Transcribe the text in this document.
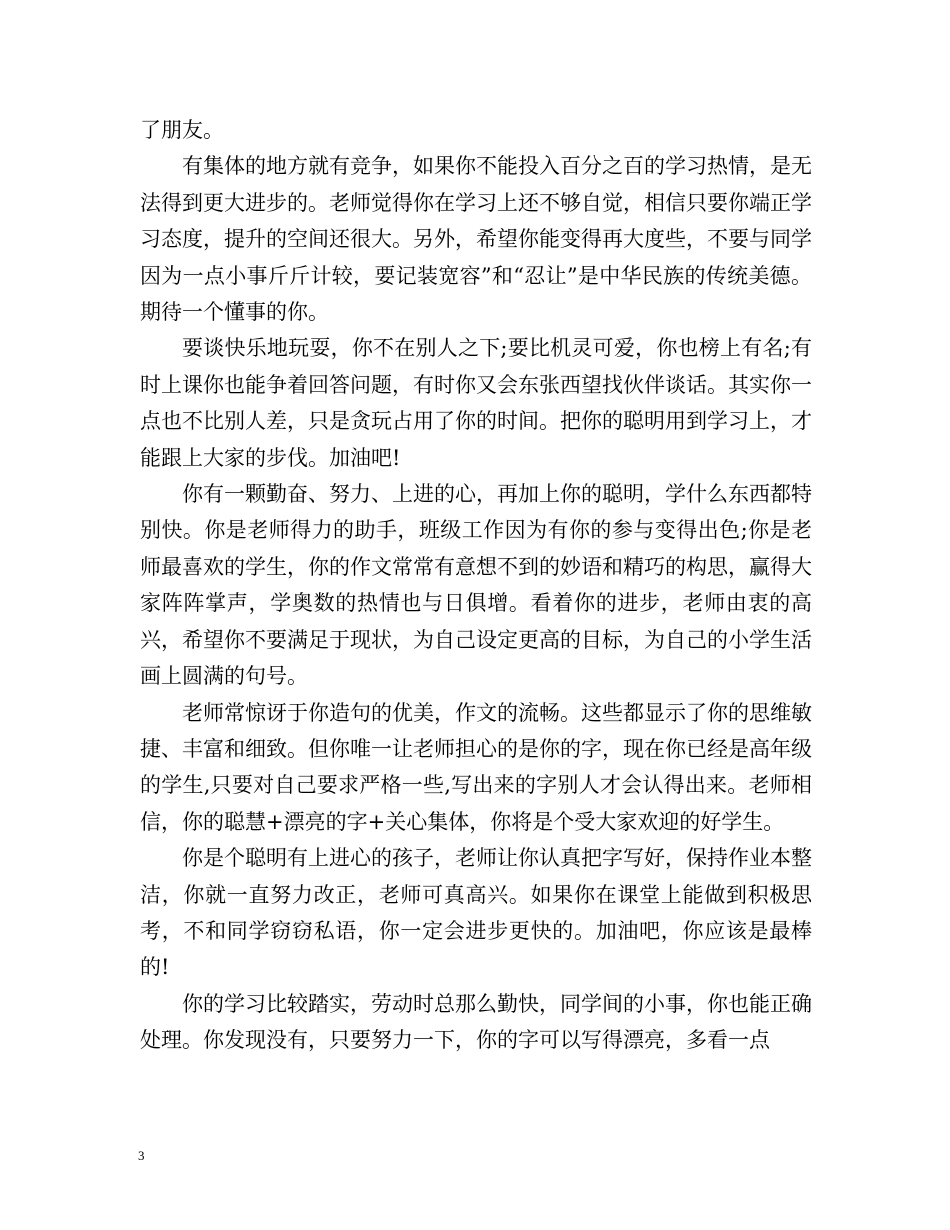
了朋友。

有集体的地方就有竞争，如果你不能投入百分之百的学习热情，是无法得到更大进步的。老师觉得你在学习上还不够自觉，相信只要你端正学习态度，提升的空间还很大。另外，希望你能变得再大度些，不要与同学因为一点小事斤斤计较，要记装宽容”和“忍让”是中华民族的传统美德。期待一个懂事的你。

要谈快乐地玩耍，你不在别人之下;要比机灵可爱，你也榜上有名;有时上课你也能争着回答问题，有时你又会东张西望找伙伴谈话。其实你一点也不比别人差，只是贪玩占用了你的时间。把你的聪明用到学习上，才能跟上大家的步伐。加油吧!

你有一颗勤奋、努力、上进的心，再加上你的聪明，学什么东西都特别快。你是老师得力的助手，班级工作因为有你的参与变得出色;你是老师最喜欢的学生，你的作文常常有意想不到的妙语和精巧的构思，赢得大家阵阵掌声，学奥数的热情也与日俱增。看着你的进步，老师由衷的高兴，希望你不要满足于现状，为自己设定更高的目标，为自己的小学生活画上圆满的句号。

老师常惊讶于你造句的优美，作文的流畅。这些都显示了你的思维敏捷、丰富和细致。但你唯一让老师担心的是你的字，现在你已经是高年级的学生,只要对自己要求严格一些,写出来的字别人才会认得出来。老师相信，你的聪慧+漂亮的字+关心集体，你将是个受大家欢迎的好学生。

你是个聪明有上进心的孩子，老师让你认真把字写好，保持作业本整洁，你就一直努力改正，老师可真高兴。如果你在课堂上能做到积极思考，不和同学窃窃私语，你一定会进步更快的。加油吧，你应该是最棒的!

你的学习比较踏实，劳动时总那么勤快，同学间的小事，你也能正确处理。你发现没有，只要努力一下，你的字可以写得漂亮，多看一点

3
